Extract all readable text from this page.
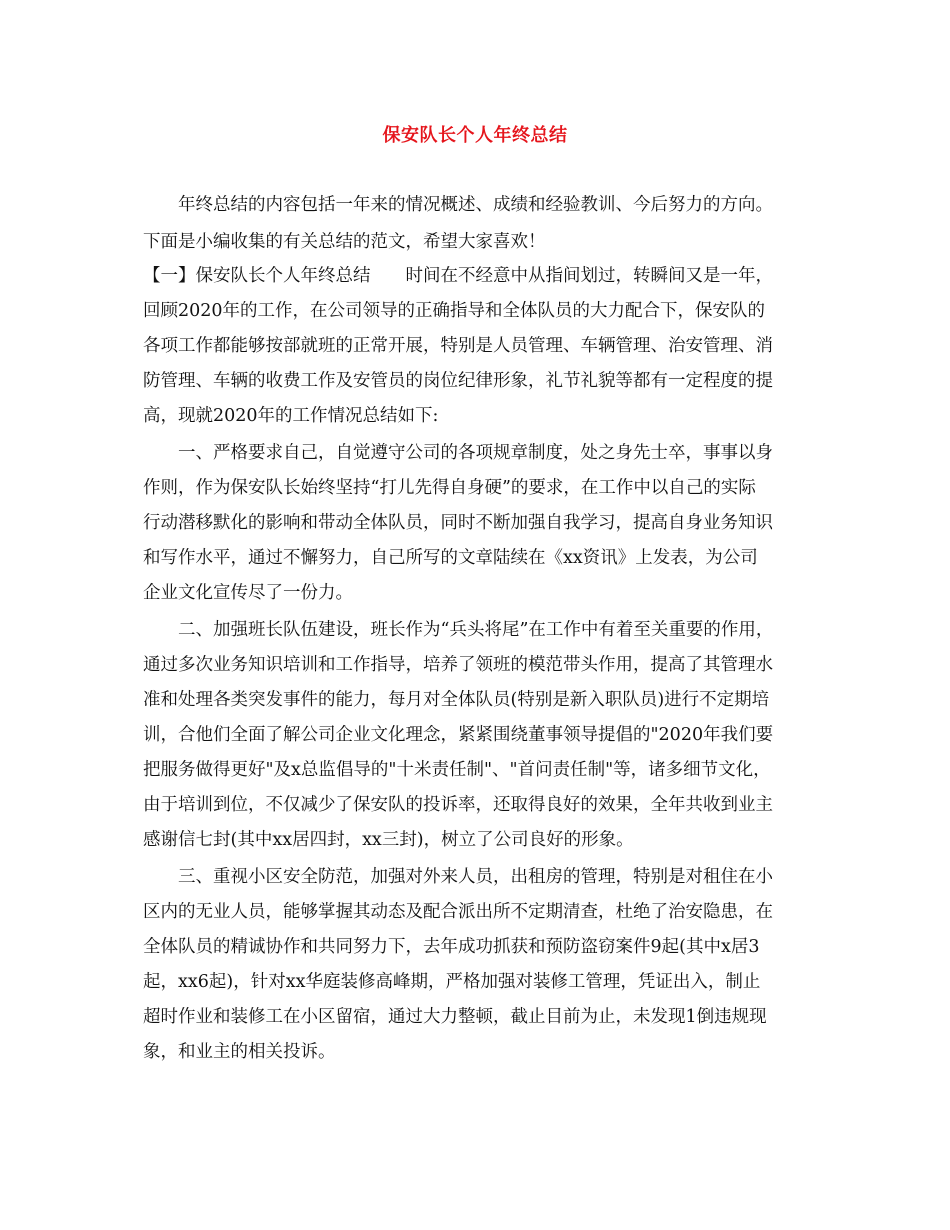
保安队长个人年终总结
　　年终总结的内容包括一年来的情况概述、成绩和经验教训、今后努力的方向。
下面是小编收集的有关总结的范文，希望大家喜欢！
【一】保安队长个人年终总结　　时间在不经意中从指间划过，转瞬间又是一年，
回顾2020年的工作，在公司领导的正确指导和全体队员的大力配合下，保安队的
各项工作都能够按部就班的正常开展，特别是人员管理、车辆管理、治安管理、消
防管理、车辆的收费工作及安管员的岗位纪律形象，礼节礼貌等都有一定程度的提
高，现就2020年的工作情况总结如下:
　　一、严格要求自己，自觉遵守公司的各项规章制度，处之身先士卒，事事以身
作则，作为保安队长始终坚持“打儿先得自身硬”的要求，在工作中以自己的实际
行动潜移默化的影响和带动全体队员，同时不断加强自我学习，提高自身业务知识
和写作水平，通过不懈努力，自己所写的文章陆续在《xx资讯》上发表，为公司
企业文化宣传尽了一份力。
　　二、加强班长队伍建设，班长作为“兵头将尾”在工作中有着至关重要的作用，
通过多次业务知识培训和工作指导，培养了领班的模范带头作用，提高了其管理水
准和处理各类突发事件的能力，每月对全体队员(特别是新入职队员)进行不定期培
训，合他们全面了解公司企业文化理念，紧紧围绕董事领导提倡的"2020年我们要
把服务做得更好"及x总监倡导的"十米责任制"、"首问责任制"等，诸多细节文化，
由于培训到位，不仅减少了保安队的投诉率，还取得良好的效果，全年共收到业主
感谢信七封(其中xx居四封，xx三封)，树立了公司良好的形象。
　　三、重视小区安全防范，加强对外来人员，出租房的管理，特别是对租住在小
区内的无业人员，能够掌握其动态及配合派出所不定期清查，杜绝了治安隐患，在
全体队员的精诚协作和共同努力下，去年成功抓获和预防盗窃案件9起(其中x居3
起，xx6起)，针对xx华庭装修高峰期，严格加强对装修工管理，凭证出入，制止
超时作业和装修工在小区留宿，通过大力整顿，截止目前为止，未发现1倒违规现
象，和业主的相关投诉。
